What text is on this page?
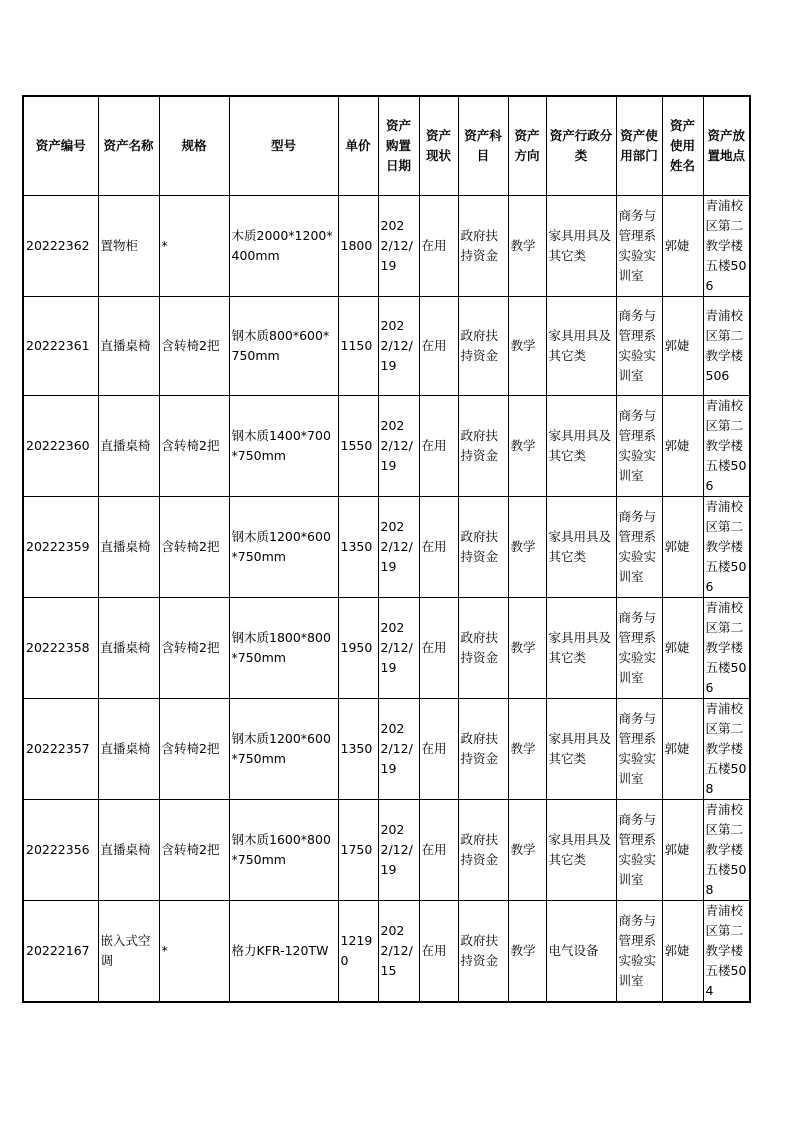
资产编号	资产名称	规格	型号	单价	资产购置日期	资产现状	资产科目	资产方向	资产行政分类	资产使用部门	资产使用姓名	资产放置地点
20222362	置物柜	*	木质2000*1200*400mm	1800	2022/12/19	在用	政府扶持资金	教学	家具用具及其它类	商务与管理系实验实训室	郭婕	青浦校区第二教学楼五楼506
20222361	直播桌椅	含转椅2把	钢木质800*600*750mm	1150	2022/12/19	在用	政府扶持资金	教学	家具用具及其它类	商务与管理系实验实训室	郭婕	青浦校区第二教学楼506
20222360	直播桌椅	含转椅2把	钢木质1400*700*750mm	1550	2022/12/19	在用	政府扶持资金	教学	家具用具及其它类	商务与管理系实验实训室	郭婕	青浦校区第二教学楼五楼506
20222359	直播桌椅	含转椅2把	钢木质1200*600*750mm	1350	2022/12/19	在用	政府扶持资金	教学	家具用具及其它类	商务与管理系实验实训室	郭婕	青浦校区第二教学楼五楼506
20222358	直播桌椅	含转椅2把	钢木质1800*800*750mm	1950	2022/12/19	在用	政府扶持资金	教学	家具用具及其它类	商务与管理系实验实训室	郭婕	青浦校区第二教学楼五楼506
20222357	直播桌椅	含转椅2把	钢木质1200*600*750mm	1350	2022/12/19	在用	政府扶持资金	教学	家具用具及其它类	商务与管理系实验实训室	郭婕	青浦校区第二教学楼五楼508
20222356	直播桌椅	含转椅2把	钢木质1600*800*750mm	1750	2022/12/19	在用	政府扶持资金	教学	家具用具及其它类	商务与管理系实验实训室	郭婕	青浦校区第二教学楼五楼508
20222167	嵌入式空调	*	格力KFR-120TW	12190	2022/12/15	在用	政府扶持资金	教学	电气设备	商务与管理系实验实训室	郭婕	青浦校区第二教学楼五楼504
